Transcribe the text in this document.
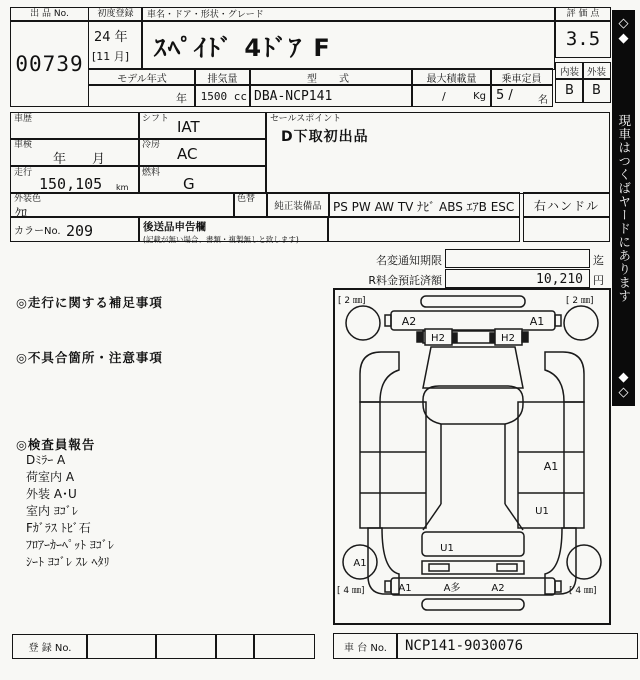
出 品 No.
00739
初度登録
24 年
[11 月]
車名・ドア・形状・グレード
ｽﾍﾟｲﾄﾞ 4ﾄﾞｱ F
モデル年式
年
排気量
1500 cc
型　式
DBA-NCP141
最大積載量
/	Kg
乗車定員
5 /	名
評 価 点
3.5
内装 外装
B B
◇◆
現車はつくばヤードにあります
◆◇
車歴	シフト IAT
車検
年　　月
冷房 AC
走行
150,105 km
燃料
G
外装色
ｸﾛ
色替
カラーNo. 209	後送品申告欄
(記載が無い場合、書類・複製無しと致します)
セールスポイント
D下取初出品
純正装備品 PS PW AW TV ﾅﾋﾞ ABS ｴｱB ESC 右ハンドル
名変通知期限	迄
R料金預託済額	10,210 円
◎走行に関する補足事項
◎不具合箇所・注意事項
◎検査員報告
Dﾐﾗｰ A
荷室内 A
外装 A･U
室内 ﾖｺﾞﾚ
Fｶﾞﾗｽ ﾄﾋﾞ石
ﾌﾛｱｰｶｰﾍﾟｯﾄ ﾖｺﾞﾚ
ｼｰﾄ ﾖｺﾞﾚ ｽﾚ ﾍﾀﾘ
[ 2 ㎜]	[ 2 ㎜]
[ 4 ㎜]	[ 4 ㎜]
A2	A1
H2	H2
A1
U1
U1
A1
A1	A多	A2
登 録 No.	車 台 No. NCP141-9030076
